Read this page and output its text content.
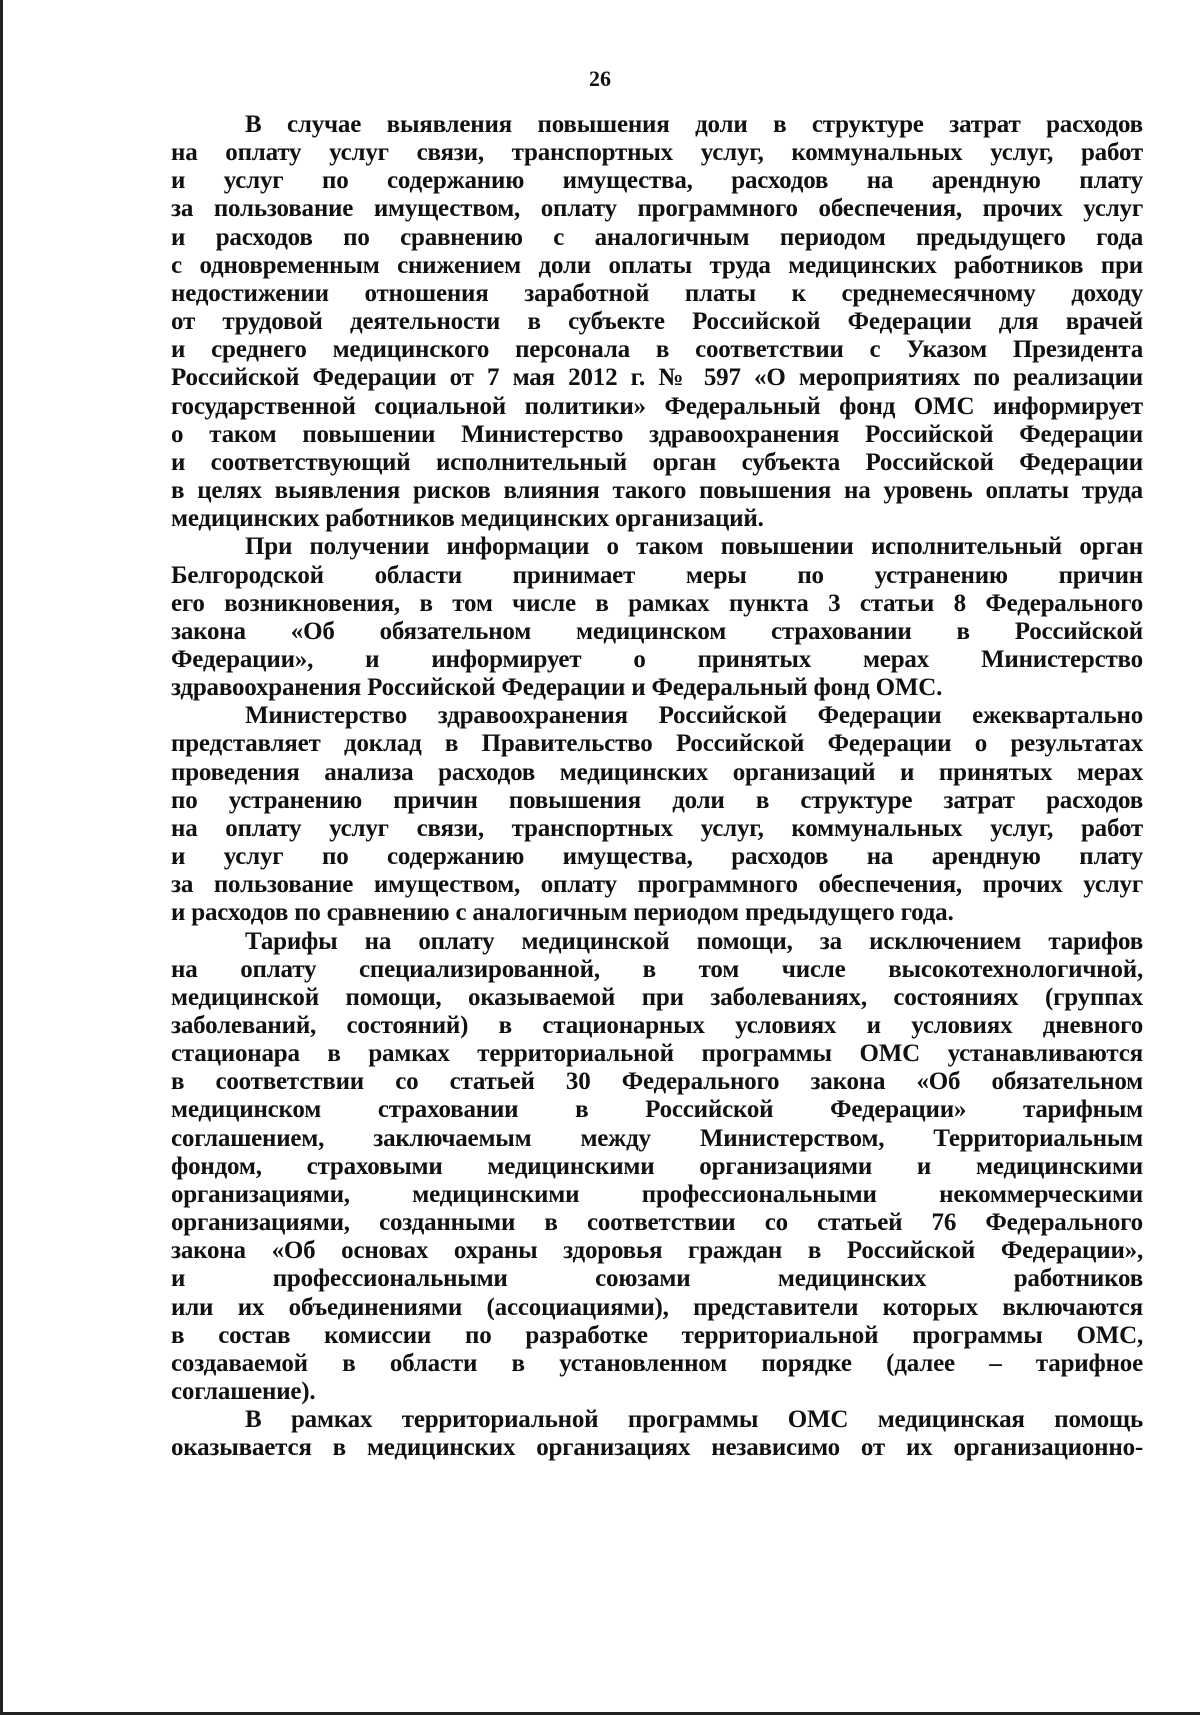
26
В случае выявления повышения доли в структуре затрат расходов
на оплату услуг связи, транспортных услуг, коммунальных услуг, работ
и услуг по содержанию имущества, расходов на арендную плату
за пользование имуществом, оплату программного обеспечения, прочих услуг
и расходов по сравнению с аналогичным периодом предыдущего года
с одновременным снижением доли оплаты труда медицинских работников при
недостижении отношения заработной платы к среднемесячному доходу
от трудовой деятельности в субъекте Российской Федерации для врачей
и среднего медицинского персонала в соответствии с Указом Президента
Российской Федерации от 7 мая 2012 г. № 597 «О мероприятиях по реализации
государственной социальной политики» Федеральный фонд ОМС информирует
о таком повышении Министерство здравоохранения Российской Федерации
и соответствующий исполнительный орган субъекта Российской Федерации
в целях выявления рисков влияния такого повышения на уровень оплаты труда
медицинских работников медицинских организаций.
При получении информации о таком повышении исполнительный орган
Белгородской области принимает меры по устранению причин
его возникновения, в том числе в рамках пункта 3 статьи 8 Федерального
закона «Об обязательном медицинском страховании в Российской
Федерации», и информирует о принятых мерах Министерство
здравоохранения Российской Федерации и Федеральный фонд ОМС.
Министерство здравоохранения Российской Федерации ежеквартально
представляет доклад в Правительство Российской Федерации о результатах
проведения анализа расходов медицинских организаций и принятых мерах
по устранению причин повышения доли в структуре затрат расходов
на оплату услуг связи, транспортных услуг, коммунальных услуг, работ
и услуг по содержанию имущества, расходов на арендную плату
за пользование имуществом, оплату программного обеспечения, прочих услуг
и расходов по сравнению с аналогичным периодом предыдущего года.
Тарифы на оплату медицинской помощи, за исключением тарифов
на оплату специализированной, в том числе высокотехнологичной,
медицинской помощи, оказываемой при заболеваниях, состояниях (группах
заболеваний, состояний) в стационарных условиях и условиях дневного
стационара в рамках территориальной программы ОМС устанавливаются
в соответствии со статьей 30 Федерального закона «Об обязательном
медицинском страховании в Российской Федерации» тарифным
соглашением, заключаемым между Министерством, Территориальным
фондом, страховыми медицинскими организациями и медицинскими
организациями, медицинскими профессиональными некоммерческими
организациями, созданными в соответствии со статьей 76 Федерального
закона «Об основах охраны здоровья граждан в Российской Федерации»,
и профессиональными союзами медицинских работников
или их объединениями (ассоциациями), представители которых включаются
в состав комиссии по разработке территориальной программы ОМС,
создаваемой в области в установленном порядке (далее – тарифное
соглашение).
В рамках территориальной программы ОМС медицинская помощь
оказывается в медицинских организациях независимо от их организационно-
